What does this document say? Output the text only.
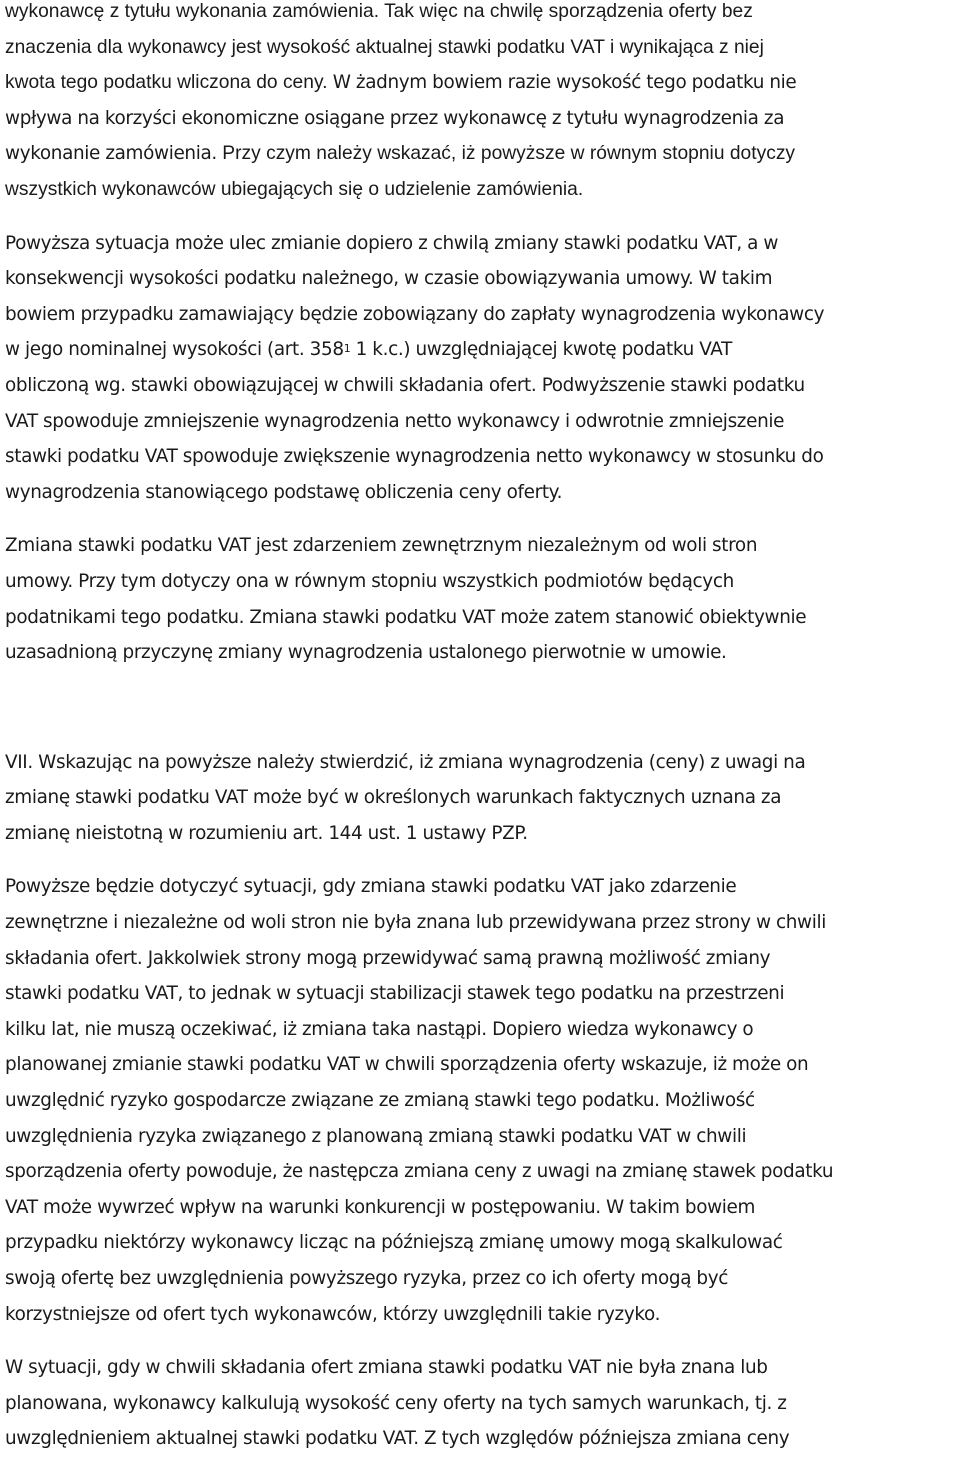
wykonawcę z tytułu wykonania zamówienia. Tak więc na chwilę sporządzenia oferty bez
znaczenia dla wykonawcy jest wysokość aktualnej stawki podatku VAT i wynikająca z niej
kwota tego podatku wliczona do ceny. W żadnym bowiem razie wysokość tego podatku nie
wpływa na korzyści ekonomiczne osiągane przez wykonawcę z tytułu wynagrodzenia za
wykonanie zamówienia. Przy czym należy wskazać, iż powyższe w równym stopniu dotyczy
wszystkich wykonawców ubiegających się o udzielenie zamówienia.
Powyższa sytuacja może ulec zmianie dopiero z chwilą zmiany stawki podatku VAT, a w
konsekwencji wysokości podatku należnego, w czasie obowiązywania umowy. W takim
bowiem przypadku zamawiający będzie zobowiązany do zapłaty wynagrodzenia wykonawcy
w jego nominalnej wysokości (art. $358^1$ 1 k.c.) uwzględniającej kwotę podatku VAT
obliczoną wg. stawki obowiązującej w chwili składania ofert. Podwyższenie stawki podatku
VAT spowoduje zmniejszenie wynagrodzenia netto wykonawcy i odwrotnie zmniejszenie
stawki podatku VAT spowoduje zwiększenie wynagrodzenia netto wykonawcy w stosunku do
wynagrodzenia stanowiącego podstawę obliczenia ceny oferty.
Zmiana stawki podatku VAT jest zdarzeniem zewnętrznym niezależnym od woli stron
umowy. Przy tym dotyczy ona w równym stopniu wszystkich podmiotów będących
podatnikami tego podatku. Zmiana stawki podatku VAT może zatem stanowić obiektywnie
uzasadnioną przyczynę zmiany wynagrodzenia ustalonego pierwotnie w umowie.
VII. Wskazując na powyższe należy stwierdzić, iż zmiana wynagrodzenia (ceny) z uwagi na
zmianę stawki podatku VAT może być w określonych warunkach faktycznych uznana za
zmianę nieistotną w rozumieniu art. 144 ust. 1 ustawy PZP.
Powyższe będzie dotyczyć sytuacji, gdy zmiana stawki podatku VAT jako zdarzenie
zewnętrzne i niezależne od woli stron nie była znana lub przewidywana przez strony w chwili
składania ofert. Jakkolwiek strony mogą przewidywać samą prawną możliwość zmiany
stawki podatku VAT, to jednak w sytuacji stabilizacji stawek tego podatku na przestrzeni
kilku lat, nie muszą oczekiwać, iż zmiana taka nastąpi. Dopiero wiedza wykonawcy o
planowanej zmianie stawki podatku VAT w chwili sporządzenia oferty wskazuje, iż może on
uwzględnić ryzyko gospodarcze związane ze zmianą stawki tego podatku. Możliwość
uwzględnienia ryzyka związanego z planowaną zmianą stawki podatku VAT w chwili
sporządzenia oferty powoduje, że następcza zmiana ceny z uwagi na zmianę stawek podatku
VAT może wywrzeć wpływ na warunki konkurencji w postępowaniu. W takim bowiem
przypadku niektórzy wykonawcy licząc na późniejszą zmianę umowy mogą skalkulować
swoją ofertę bez uwzględnienia powyższego ryzyka, przez co ich oferty mogą być
korzystniejsze od ofert tych wykonawców, którzy uwzględnili takie ryzyko.
W sytuacji, gdy w chwili składania ofert zmiana stawki podatku VAT nie była znana lub
planowana, wykonawcy kalkulują wysokość ceny oferty na tych samych warunkach, tj. z
uwzględnieniem aktualnej stawki podatku VAT. Z tych względów późniejsza zmiana ceny
